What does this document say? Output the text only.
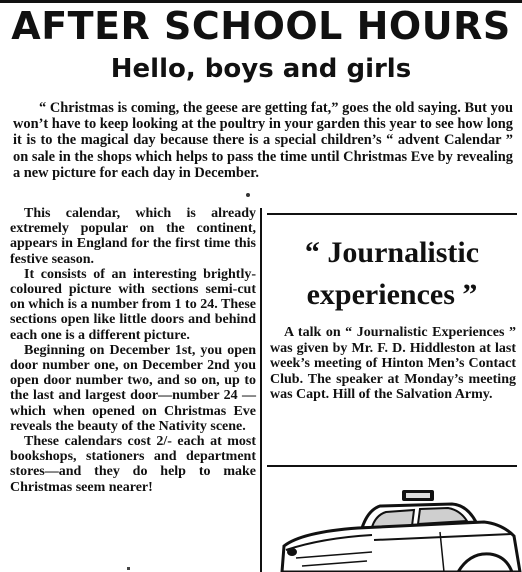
AFTER SCHOOL HOURS
Hello, boys and girls

“ Christmas is coming, the geese are getting fat,” goes the old saying. But you won’t have to keep looking at the poultry in your garden this year to see how long it is to the magical day because there is a special children’s “ advent Calendar ” on sale in the shops which helps to pass the time until Christmas Eve by revealing a new picture for each day in December.

This calendar, which is already extremely popular on the continent, appears in England for the first time this festive season.

It consists of an interesting brightly-coloured picture with sections semi-cut on which is a number from 1 to 24. These sections open like little doors and behind each one is a different picture.

Beginning on December 1st, you open door number one, on December 2nd you open door number two, and so on, up to the last and largest door—number 24 — which when opened on Christmas Eve reveals the beauty of the Nativity scene.

These calendars cost 2/- each at most bookshops, stationers and department stores—and they do help to make Christmas seem nearer!

“ Journalistic experiences ”

A talk on “ Journalistic Experiences ” was given by Mr. F. D. Hiddleston at last week’s meeting of Hinton Men’s Contact Club. The speaker at Monday’s meeting was Capt. Hill of the Salvation Army.
